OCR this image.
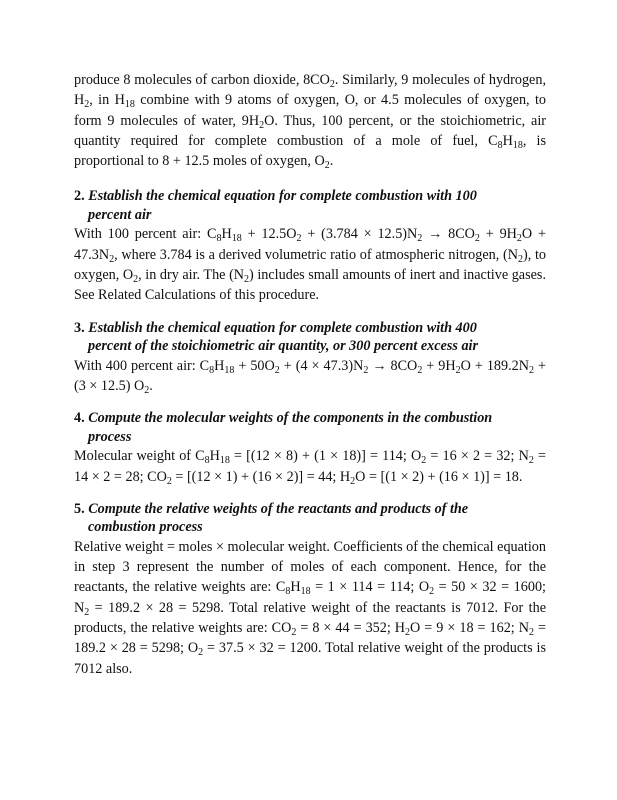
produce 8 molecules of carbon dioxide, $8CO_2$. Similarly, 9 molecules of hydrogen, $H_2$, in $H_{18}$ combine with 9 atoms of oxygen, O, or 4.5 molecules of oxygen, to form 9 molecules of water, $9H_2O$. Thus, 100 percent, or the stoichiometric, air quantity required for complete combustion of a mole of fuel, $C_8H_{18}$, is proportional to 8 + 12.5 moles of oxygen, $O_2$.

2. Establish the chemical equation for complete combustion with 100
percent air

With 100 percent air: $C_8H_{18} + 12.5O_2 + (3.784 \times 12.5)N_2 \to 8CO_2 + 9H_2O + 47.3N_2$, where 3.784 is a derived volumetric ratio of atmospheric nitrogen, $(N_2)$, to oxygen, $O_2$, in dry air. The $(N_2)$ includes small amounts of inert and inactive gases. See Related Calculations of this procedure.

3. Establish the chemical equation for complete combustion with 400
percent of the stoichiometric air quantity, or 300 percent excess air

With 400 percent air: $C_8H_{18} + 50O_2 + (4 \times 47.3)N_2 \to 8CO_2 + 9H_2O + 189.2N_2 + (3 \times 12.5)$ $O_2$.

4. Compute the molecular weights of the components in the combustion
process

Molecular weight of $C_8H_{18} = [(12 \times 8) + (1 \times 18)] = 114$; $O_2 = 16 \times 2 = 32$; $N_2 = 14 \times 2 = 28$; $CO_2 = [(12 \times 1) + (16 \times 2)] = 44$; $H_2O = [(1 \times 2) + (16 \times 1)] = 18$.

5. Compute the relative weights of the reactants and products of the
combustion process

Relative weight = moles × molecular weight. Coefficients of the chemical equation in step 3 represent the number of moles of each component. Hence, for the reactants, the relative weights are: $C_8H_{18} = 1 \times 114 = 114$; $O_2 = 50 \times 32 = 1600$; $N_2 = 189.2 \times 28 = 5298$. Total relative weight of the reactants is 7012. For the products, the relative weights are: $CO_2 = 8 \times 44 = 352$; $H_2O = 9 \times 18 = 162$; $N_2 = 189.2 \times 28 = 5298$; $O_2 = 37.5 \times 32 = 1200$. Total relative weight of the products is 7012 also.
